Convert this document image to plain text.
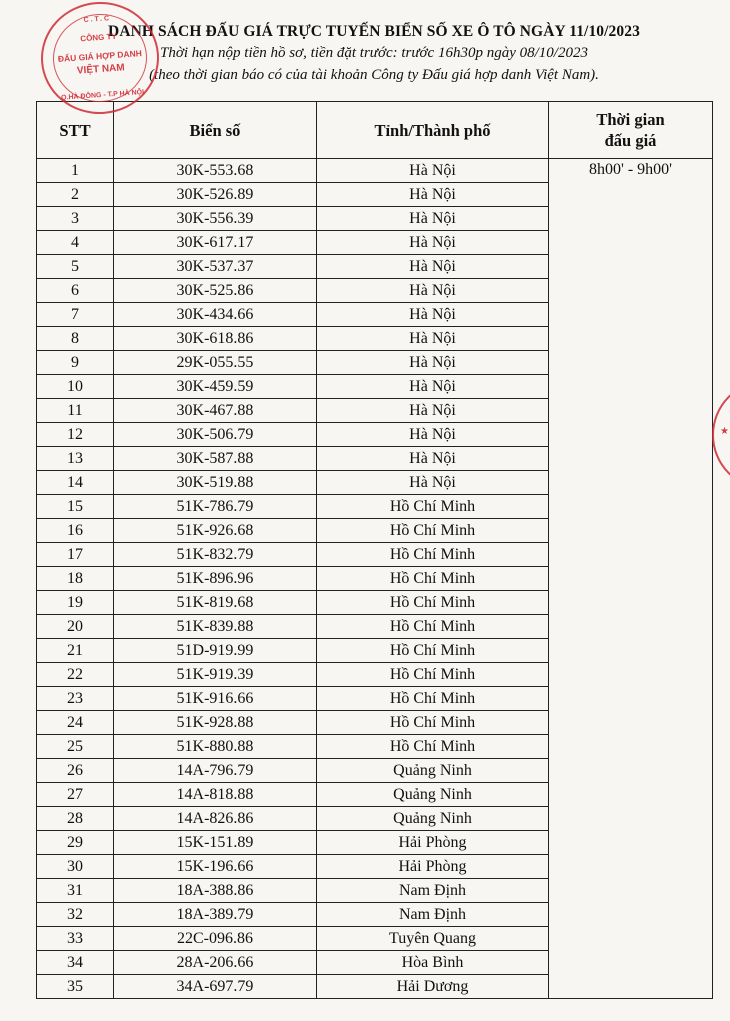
DANH SÁCH ĐẤU GIÁ TRỰC TUYẾN BIỂN SỐ XE Ô TÔ NGÀY 11/10/2023
Thời hạn nộp tiền hồ sơ, tiền đặt trước: trước 16h30p ngày 08/10/2023
(theo thời gian báo có của tài khoản Công ty Đấu giá hợp danh Việt Nam).
STT	Biển số	Tỉnh/Thành phố	Thời gian đấu giá

1	30K-553.68	Hà Nội	8h00' - 9h00'

2	30K-526.89	Hà Nội	
3	30K-556.39	Hà Nội	
4	30K-617.17	Hà Nội	
5	30K-537.37	Hà Nội	
6	30K-525.86	Hà Nội	
7	30K-434.66	Hà Nội	
8	30K-618.86	Hà Nội	
9	29K-055.55	Hà Nội	
10	30K-459.59	Hà Nội	
11	30K-467.88	Hà Nội	
12	30K-506.79	Hà Nội	
13	30K-587.88	Hà Nội	
14	30K-519.88	Hà Nội	
15	51K-786.79	Hồ Chí Minh	
16	51K-926.68	Hồ Chí Minh	
17	51K-832.79	Hồ Chí Minh	
18	51K-896.96	Hồ Chí Minh	
19	51K-819.68	Hồ Chí Minh	
20	51K-839.88	Hồ Chí Minh	
21	51D-919.99	Hồ Chí Minh	
22	51K-919.39	Hồ Chí Minh	
23	51K-916.66	Hồ Chí Minh	
24	51K-928.88	Hồ Chí Minh	
25	51K-880.88	Hồ Chí Minh	
26	14A-796.79	Quảng Ninh	
27	14A-818.88	Quảng Ninh	
28	14A-826.86	Quảng Ninh	
29	15K-151.89	Hải Phòng	
30	15K-196.66	Hải Phòng	
31	18A-388.86	Nam Định	
32	18A-389.79	Nam Định	
33	22C-096.86	Tuyên Quang	
34	28A-206.66	Hòa Bình	
35	34A-697.79	Hải Dương	
C.T.C
CÔNG TY
ĐẤU GIÁ HỢP DANH
VIỆT NAM
Q.HÀ ĐÔNG - T.P HÀ NỘI
★
